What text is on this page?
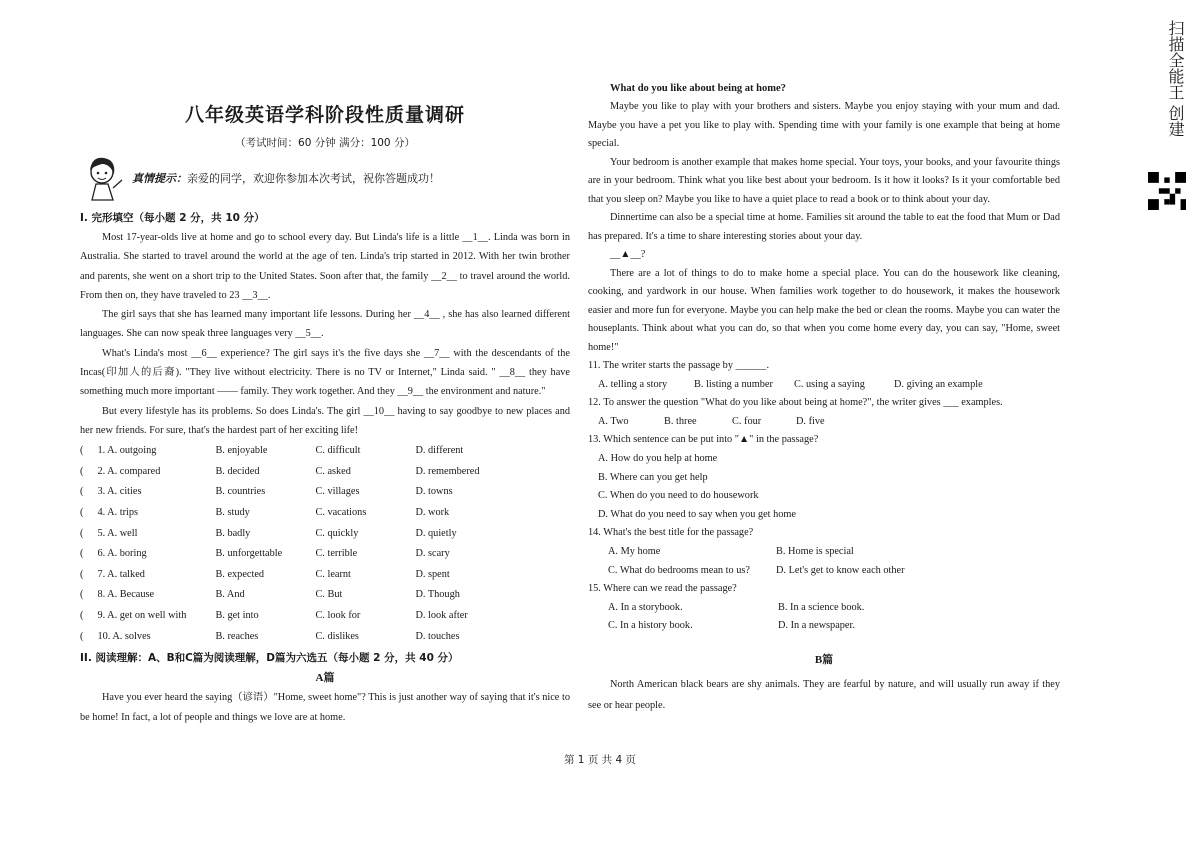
八年级英语学科阶段性质量调研
（考试时间：60 分钟 满分：100 分）
真情提示：亲爱的同学，欢迎你参加本次考试，祝你答题成功！
I. 完形填空（每小题 2 分，共 10 分）

Most 17-year-olds live at home and go to school every day. But Linda's life is a little __1__. Linda was born in Australia. She started to travel around the world at the age of ten. Linda's trip started in 2012. With her twin brother and parents, she went on a short trip to the United States. Soon after that, the family __2__ to travel around the world. From then on, they have traveled to 23 __3__.

The girl says that she has learned many important life lessons. During her __4__ , she has also learned different languages. She can now speak three languages very __5__.

What's Linda's most __6__ experience? The girl says it's the five days she __7__ with the descendants of the Incas(印加人的后裔). "They live without electricity. There is no TV or Internet," Linda said. " __8__ they have something much more important —— family. They work together. And they __9__ the environment and nature."

But every lifestyle has its problems. So does Linda's. The girl __10__ having to say goodbye to new places and her new friends. For sure, that's the hardest part of her exciting life!

(	1. A. outgoing	B. enjoyable	C. difficult	D. different
(	2. A. compared	B. decided	C. asked	D. remembered
(	3. A. cities	B. countries	C. villages	D. towns
(	4. A. trips	B. study	C. vacations	D. work
(	5. A. well	B. badly	C. quickly	D. quietly
(	6. A. boring	B. unforgettable	C. terrible	D. scary
(	7. A. talked	B. expected	C. learnt	D. spent
(	8. A. Because	B. And	C. But	D. Though
(	9. A. get on well with	B. get into	C. look for	D. look after
(	10. A. solves	B. reaches	C. dislikes	D. touches
II. 阅读理解：A、B和C篇为阅读理解，D篇为六选五（每小题 2 分，共 40 分）
A篇

Have you ever heard the saying（谚语）"Home, sweet home"? This is just another way of saying that it's nice to be home! In fact, a lot of people and things we love are at home.

What do you like about being at home?

Maybe you like to play with your brothers and sisters. Maybe you enjoy staying with your mum and dad. Maybe you have a pet you like to play with. Spending time with your family is one example that being at home special.

Your bedroom is another example that makes home special. Your toys, your books, and your favourite things are in your bedroom. Think what you like best about your bedroom. Is it how it looks? Is it your comfortable bed that you sleep on? Maybe you like to have a quiet place to read a book or to think about your day.

Dinnertime can also be a special time at home. Families sit around the table to eat the food that Mum or Dad has prepared. It's a time to share interesting stories about your day.

__▲__?

There are a lot of things to do to make home a special place. You can do the housework like cleaning, cooking, and yardwork in our house. When families work together to do housework, it makes the housework easier and more fun for everyone. Maybe you can help make the bed or clean the rooms. Maybe you can water the houseplants. Think about what you can do, so that when you come home every day, you can say, "Home, sweet home!"

11. The writer starts the passage by ______.
A. telling a story	B. listing a number	C. using a saying	D. giving an example
12. To answer the question "What do you like about being at home?", the writer gives ___ examples.
A. Two	B. three	C. four	D. five
13. Which sentence can be put into "▲" in the passage?
A. How do you help at home
B. Where can you get help
C. When do you need to do housework
D. What do you need to say when you get home
14. What's the best title for the passage?
A. My home	B. Home is special
C. What do bedrooms mean to us?	D. Let's get to know each other
15. Where can we read the passage?
A. In a storybook.	B. In a science book.
C. In a history book.	D. In a newspaper.
B篇

North American black bears are shy animals. They are fearful by nature, and will usually run away if they see or hear people.

第 1 页 共 4 页
扫描全能王 创建
